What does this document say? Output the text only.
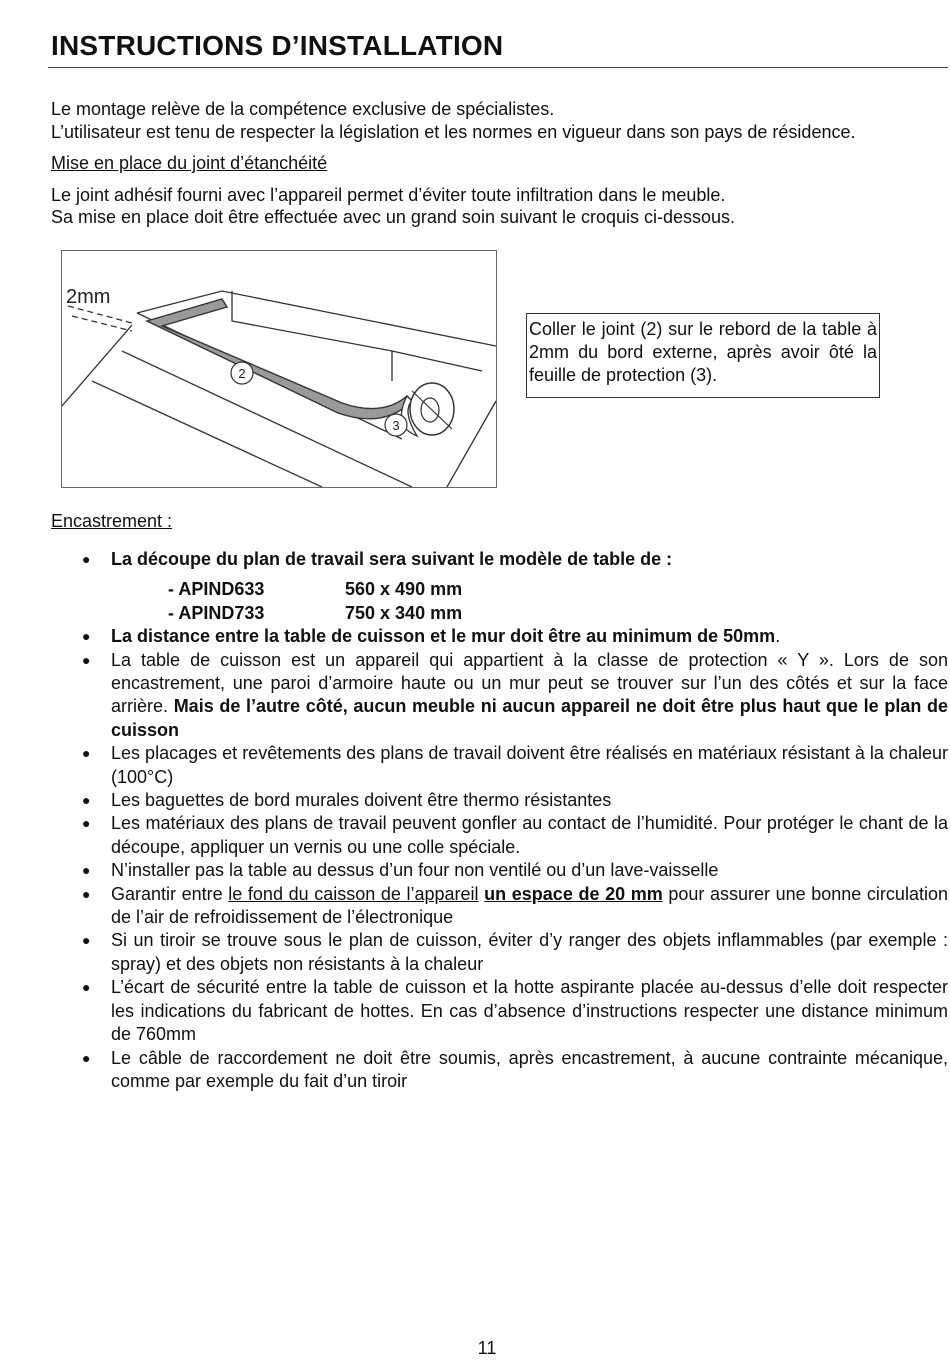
INSTRUCTIONS D’INSTALLATION

Le montage relève de la compétence exclusive de spécialistes.

L’utilisateur est tenu de respecter la législation et les normes en vigueur dans son pays de résidence.

Mise en place du joint d’étanchéité

Le joint adhésif fourni avec l’appareil permet d’éviter toute infiltration dans le meuble.

Sa mise en place doit être effectuée avec un grand soin suivant le croquis ci-dessous.

2
3
2mm
Coller le joint (2) sur le rebord de la table à 2mm du bord externe, après avoir ôté la feuille de protection (3).

Encastrement :

● La découpe du plan de travail sera suivant le modèle de table de :
- APIND633	560 x 490 mm
- APIND733	750 x 340 mm
● La distance entre la table de cuisson et le mur doit être au minimum de 50mm.
● La table de cuisson est un appareil qui appartient à la classe de protection « Y ». Lors de son encastrement, une paroi d’armoire haute ou un mur peut se trouver sur l’un des côtés et sur la face arrière. Mais de l’autre côté, aucun meuble ni aucun appareil ne doit être plus haut que le plan de cuisson
● Les placages et revêtements des plans de travail doivent être réalisés en matériaux résistant à la chaleur (100°C)
● Les baguettes de bord murales doivent être thermo résistantes
● Les matériaux des plans de travail peuvent gonfler au contact de l’humidité. Pour protéger le chant de la découpe, appliquer un vernis ou une colle spéciale.
● N’installer pas la table au dessus d’un four non ventilé ou d’un lave-vaisselle
● Garantir entre le fond du caisson de l’appareil un espace de 20 mm pour assurer une bonne circulation de l’air de refroidissement de l’électronique
● Si un tiroir se trouve sous le plan de cuisson, éviter d’y ranger des objets inflammables (par exemple : spray) et des objets non résistants à la chaleur
● L’écart de sécurité entre la table de cuisson et la hotte aspirante placée au-dessus d’elle doit respecter les indications du fabricant de hottes. En cas d’absence d’instructions respecter une distance minimum de 760mm
● Le câble de raccordement ne doit être soumis, après encastrement, à aucune contrainte mécanique, comme par exemple du fait d’un tiroir
11
